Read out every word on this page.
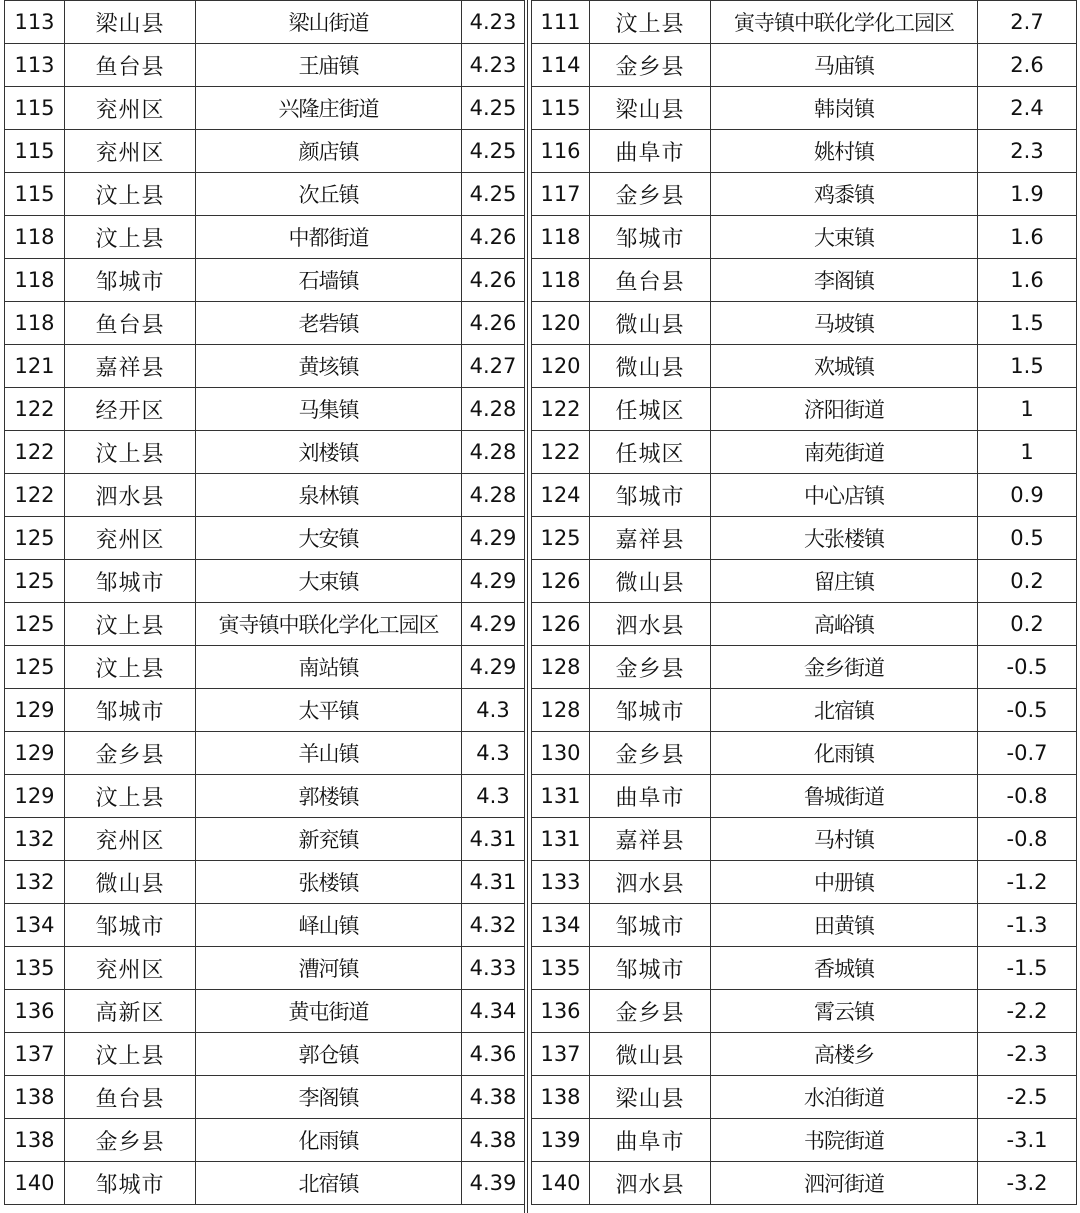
113	梁山县	梁山街道	4.23
113	鱼台县	王庙镇	4.23
115	兖州区	兴隆庄街道	4.25
115	兖州区	颜店镇	4.25
115	汶上县	次丘镇	4.25
118	汶上县	中都街道	4.26
118	邹城市	石墙镇	4.26
118	鱼台县	老砦镇	4.26
121	嘉祥县	黄垓镇	4.27
122	经开区	马集镇	4.28
122	汶上县	刘楼镇	4.28
122	泗水县	泉林镇	4.28
125	兖州区	大安镇	4.29
125	邹城市	大束镇	4.29
125	汶上县	寅寺镇中联化学化工园区	4.29
125	汶上县	南站镇	4.29
129	邹城市	太平镇	4.3
129	金乡县	羊山镇	4.3
129	汶上县	郭楼镇	4.3
132	兖州区	新兖镇	4.31
132	微山县	张楼镇	4.31
134	邹城市	峄山镇	4.32
135	兖州区	漕河镇	4.33
136	高新区	黄屯街道	4.34
137	汶上县	郭仓镇	4.36
138	鱼台县	李阁镇	4.38
138	金乡县	化雨镇	4.38
140	邹城市	北宿镇	4.39
111	汶上县	寅寺镇中联化学化工园区	2.7
114	金乡县	马庙镇	2.6
115	梁山县	韩岗镇	2.4
116	曲阜市	姚村镇	2.3
117	金乡县	鸡黍镇	1.9
118	邹城市	大束镇	1.6
118	鱼台县	李阁镇	1.6
120	微山县	马坡镇	1.5
120	微山县	欢城镇	1.5
122	任城区	济阳街道	1
122	任城区	南苑街道	1
124	邹城市	中心店镇	0.9
125	嘉祥县	大张楼镇	0.5
126	微山县	留庄镇	0.2
126	泗水县	高峪镇	0.2
128	金乡县	金乡街道	-0.5
128	邹城市	北宿镇	-0.5
130	金乡县	化雨镇	-0.7
131	曲阜市	鲁城街道	-0.8
131	嘉祥县	马村镇	-0.8
133	泗水县	中册镇	-1.2
134	邹城市	田黄镇	-1.3
135	邹城市	香城镇	-1.5
136	金乡县	霄云镇	-2.2
137	微山县	高楼乡	-2.3
138	梁山县	水泊街道	-2.5
139	曲阜市	书院街道	-3.1
140	泗水县	泗河街道	-3.2
